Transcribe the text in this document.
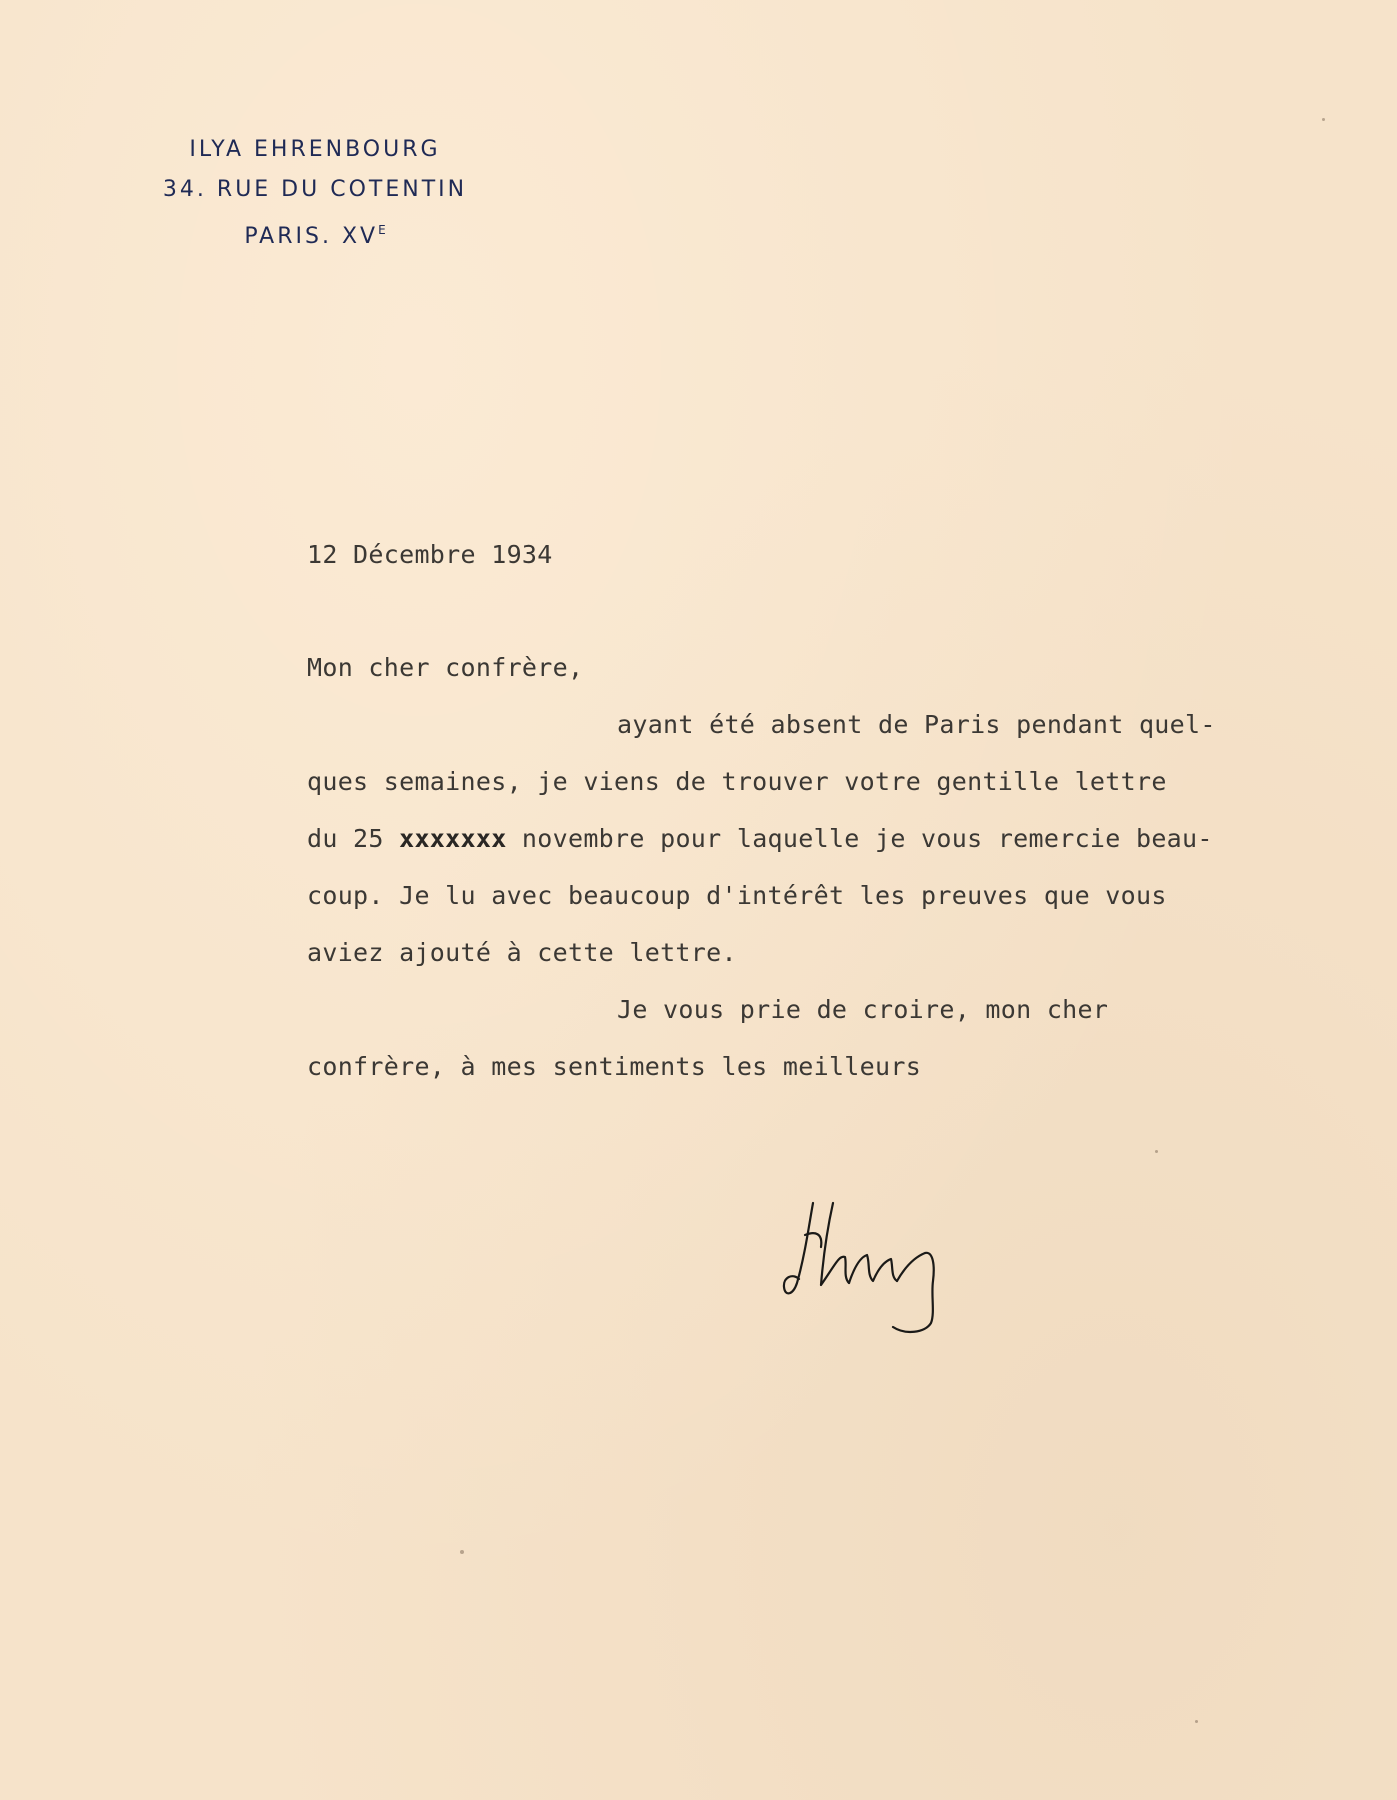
ILYA EHRENBOURG
34. RUE DU COTENTIN
PARIS. $XV^E$
12 Décembre 1934
Mon cher confrère,
ayant été absent de Paris pendant quel-
ques semaines, je viens de trouver votre gentille lettre
du 25 xxxxxxx novembre pour laquelle je vous remercie beau-
coup. Je lu avec beaucoup d'intérêt les preuves que vous
aviez ajouté à cette lettre.
Je vous prie de croire, mon cher
confrère, à mes sentiments les meilleurs
